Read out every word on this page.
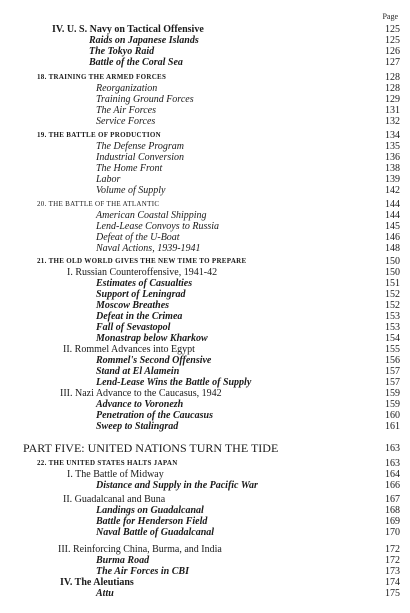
Page
IV. U. S. Navy on Tactical Offensive	125
Raids on Japanese Islands	125
The Tokyo Raid	126
Battle of the Coral Sea	127
18. TRAINING THE ARMED FORCES	128
Reorganization	128
Training Ground Forces	129
The Air Forces	131
Service Forces	132
19. THE BATTLE OF PRODUCTION	134
The Defense Program	135
Industrial Conversion	136
The Home Front	138
Labor	139
Volume of Supply	142
20. THE BATTLE OF THE ATLANTIC	144
American Coastal Shipping	144
Lend-Lease Convoys to Russia	145
Defeat of the U-Boat	146
Naval Actions, 1939-1941	148
21. THE OLD WORLD GIVES THE NEW TIME TO PREPARE	150
I. Russian Counteroffensive, 1941-42	150
Estimates of Casualties	151
Support of Leningrad	152
Moscow Breathes	152
Defeat in the Crimea	153
Fall of Sevastopol	153
Monastrap below Kharkow	154
II. Rommel Advances into Egypt	155
Rommel's Second Offensive	156
Stand at El Alamein	157
Lend-Lease Wins the Battle of Supply	157
III. Nazi Advance to the Caucasus, 1942	159
Advance to Voronezh	159
Penetration of the Caucasus	160
Sweep to Stalingrad	161
PART FIVE: UNITED NATIONS TURN THE TIDE	163
22. THE UNITED STATES HALTS JAPAN	163
I. The Battle of Midway	164
Distance and Supply in the Pacific War	166
II. Guadalcanal and Buna	167
Landings on Guadalcanal	168
Battle for Henderson Field	169
Naval Battle of Guadalcanal	170
III. Reinforcing China, Burma, and India	172
Burma Road	172
The Air Forces in CBI	173
IV. The Aleutians	174
Attu	175
